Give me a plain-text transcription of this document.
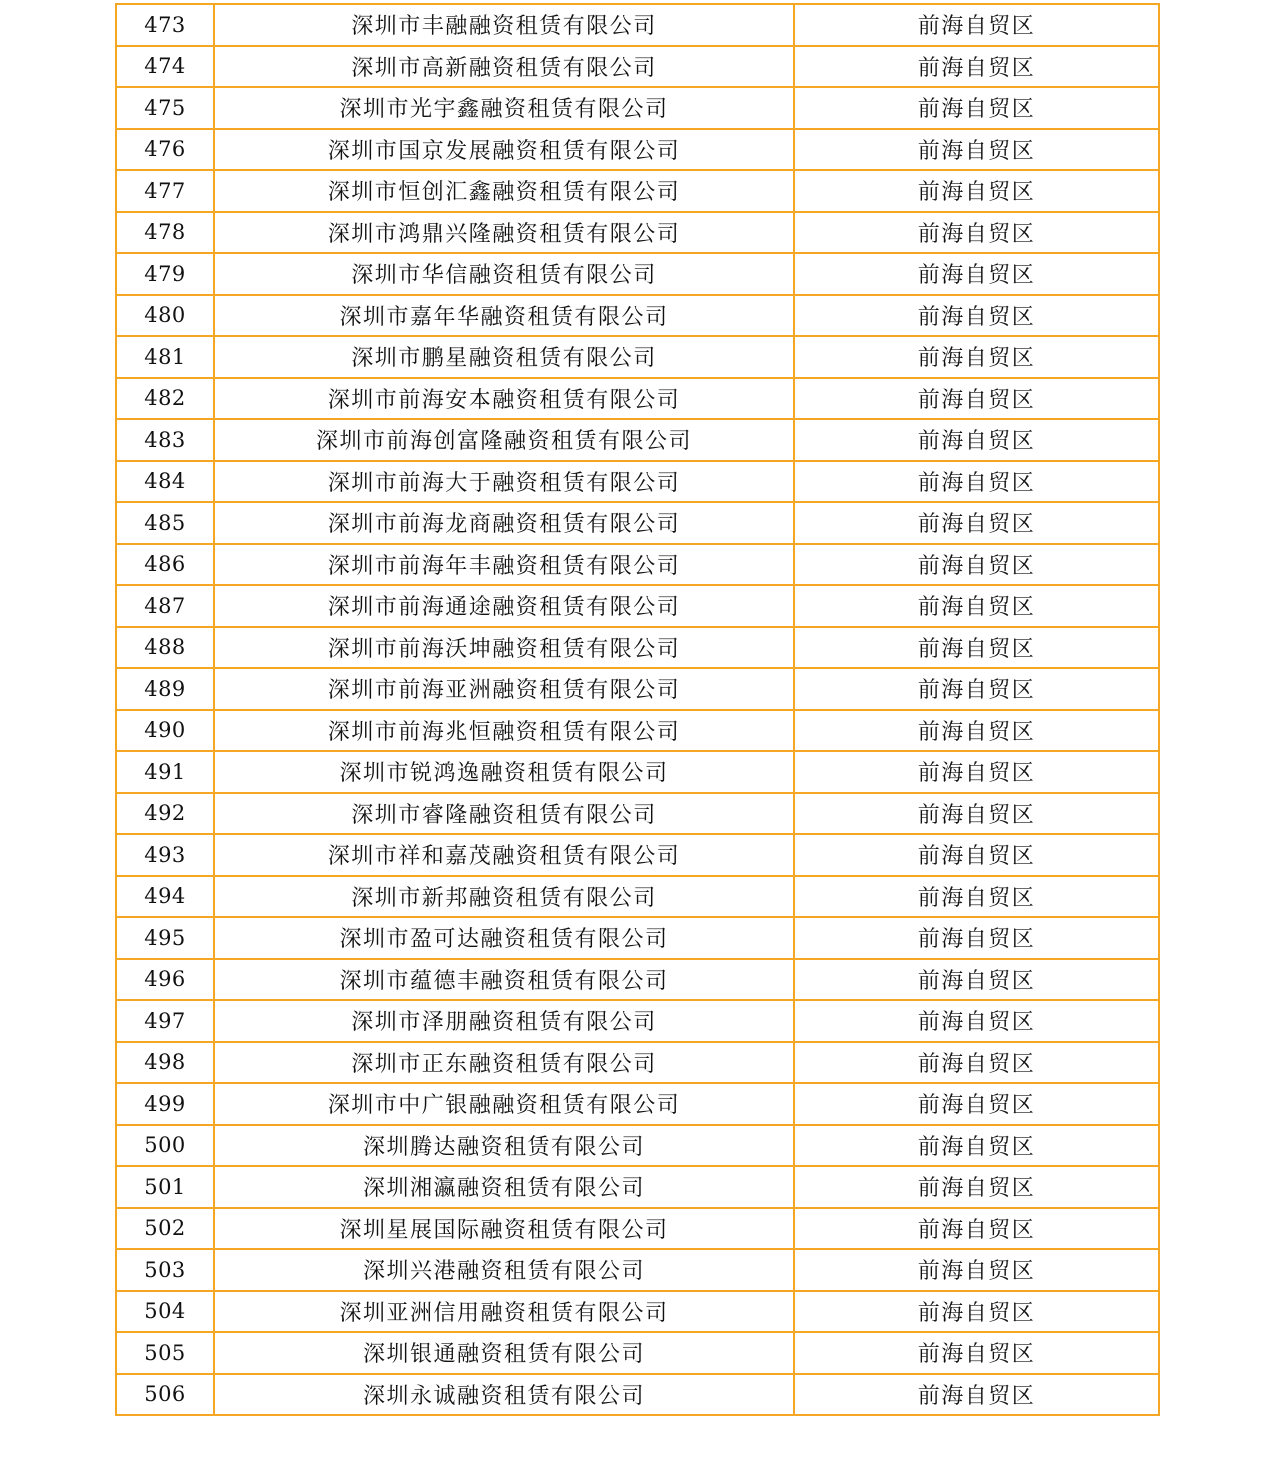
473	深圳市丰融融资租赁有限公司	前海自贸区
474	深圳市高新融资租赁有限公司	前海自贸区
475	深圳市光宇鑫融资租赁有限公司	前海自贸区
476	深圳市国京发展融资租赁有限公司	前海自贸区
477	深圳市恒创汇鑫融资租赁有限公司	前海自贸区
478	深圳市鸿鼎兴隆融资租赁有限公司	前海自贸区
479	深圳市华信融资租赁有限公司	前海自贸区
480	深圳市嘉年华融资租赁有限公司	前海自贸区
481	深圳市鹏星融资租赁有限公司	前海自贸区
482	深圳市前海安本融资租赁有限公司	前海自贸区
483	深圳市前海创富隆融资租赁有限公司	前海自贸区
484	深圳市前海大于融资租赁有限公司	前海自贸区
485	深圳市前海龙商融资租赁有限公司	前海自贸区
486	深圳市前海年丰融资租赁有限公司	前海自贸区
487	深圳市前海通途融资租赁有限公司	前海自贸区
488	深圳市前海沃坤融资租赁有限公司	前海自贸区
489	深圳市前海亚洲融资租赁有限公司	前海自贸区
490	深圳市前海兆恒融资租赁有限公司	前海自贸区
491	深圳市锐鸿逸融资租赁有限公司	前海自贸区
492	深圳市睿隆融资租赁有限公司	前海自贸区
493	深圳市祥和嘉茂融资租赁有限公司	前海自贸区
494	深圳市新邦融资租赁有限公司	前海自贸区
495	深圳市盈可达融资租赁有限公司	前海自贸区
496	深圳市蕴德丰融资租赁有限公司	前海自贸区
497	深圳市泽朋融资租赁有限公司	前海自贸区
498	深圳市正东融资租赁有限公司	前海自贸区
499	深圳市中广银融融资租赁有限公司	前海自贸区
500	深圳腾达融资租赁有限公司	前海自贸区
501	深圳湘瀛融资租赁有限公司	前海自贸区
502	深圳星展国际融资租赁有限公司	前海自贸区
503	深圳兴港融资租赁有限公司	前海自贸区
504	深圳亚洲信用融资租赁有限公司	前海自贸区
505	深圳银通融资租赁有限公司	前海自贸区
506	深圳永诚融资租赁有限公司	前海自贸区
